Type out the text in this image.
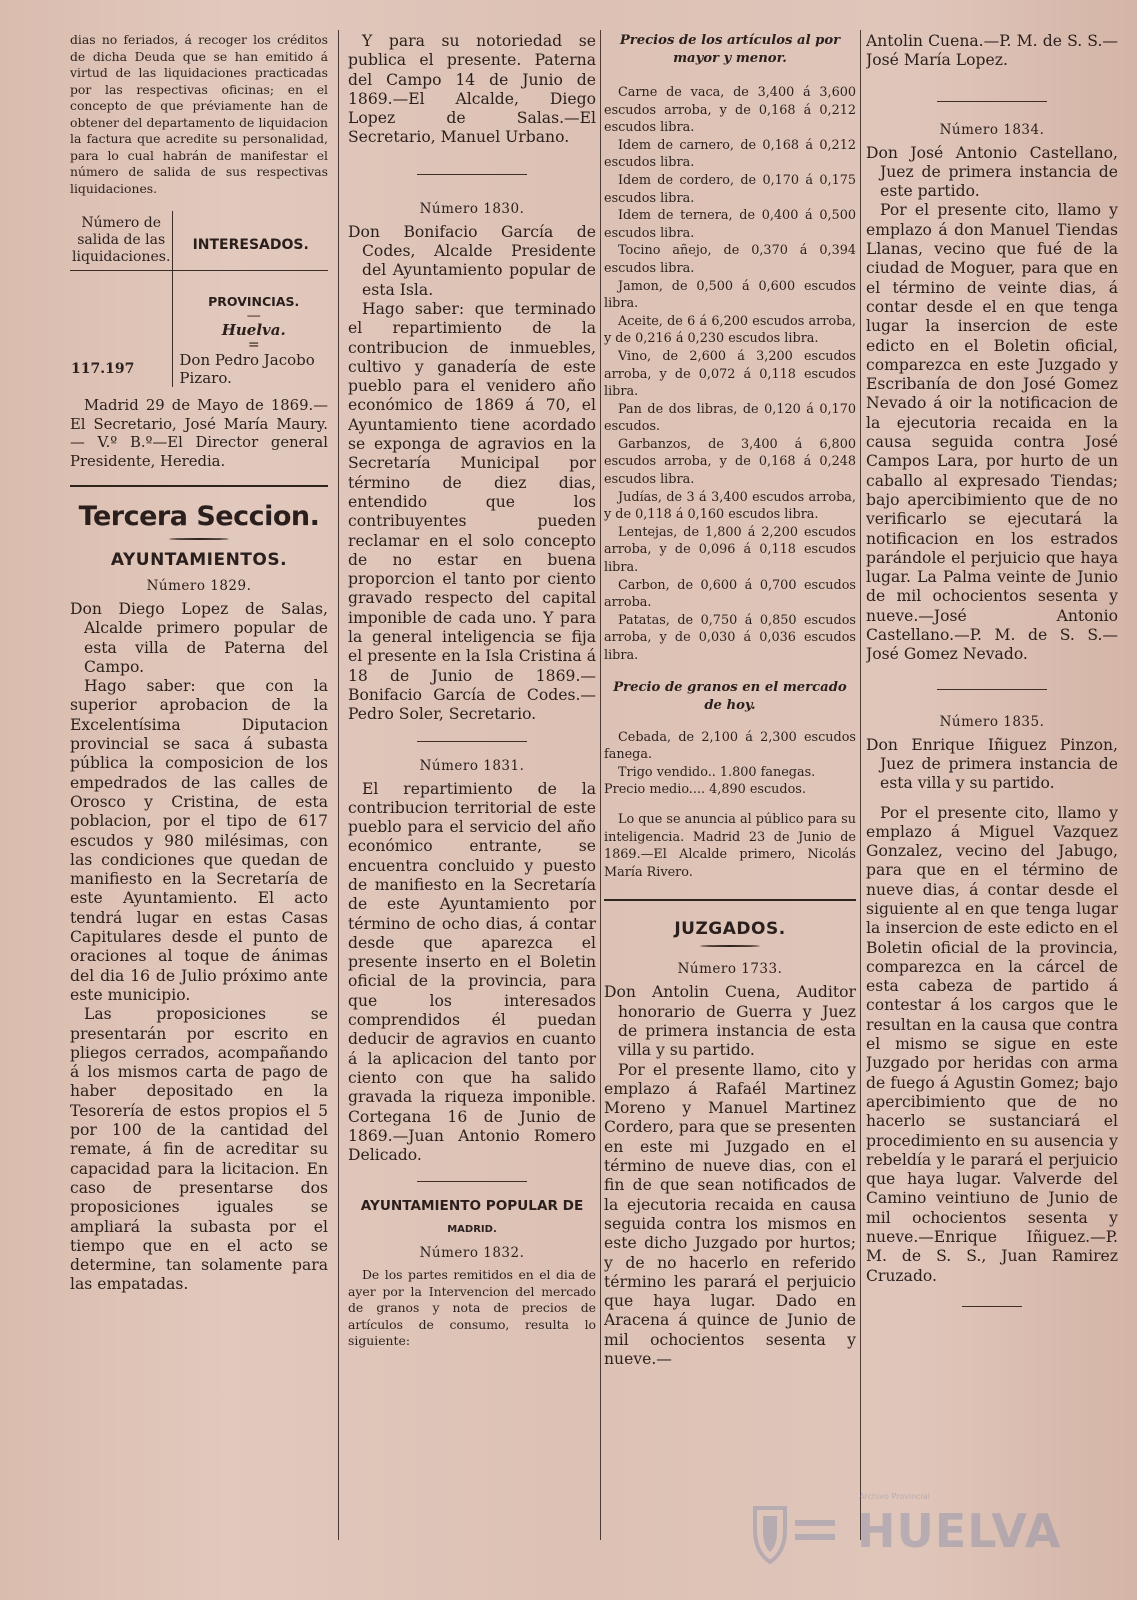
dias no feriados, á recoger los créditos de dicha Deuda que se han emitido á virtud de las liquidaciones practicadas por las respectivas oficinas; en el concepto de que préviamente han de obtener del departamento de liquidacion la factura que acredite su personalidad, para lo cual habrán de manifestar el número de salida de sus respectivas liquidaciones.

Número de salida de las liquidaciones.	INTERESADOS.
117.197	PROVINCIAS.
—
Huelva.
=
Don Pedro Jacobo Pizaro.

Madrid 29 de Mayo de 1869.— El Secretario, José María Maury.— V.º B.º—El Director general Presidente, Heredia.

Tercera Seccion.
AYUNTAMIENTOS.
Número 1829.

Don Diego Lopez de Salas, Alcalde primero popular de esta villa de Paterna del Campo.

Hago saber: que con la superior aprobacion de la Excelentísima Diputacion provincial se saca á subasta pública la composicion de los empedrados de las calles de Orosco y Cristina, de esta poblacion, por el tipo de 617 escudos y 980 milésimas, con las condiciones que quedan de manifiesto en la Secretaría de este Ayuntamiento. El acto tendrá lugar en estas Casas Capitulares desde el punto de oraciones al toque de ánimas del dia 16 de Julio próximo ante este municipio.

Las proposiciones se presentarán por escrito en pliegos cerrados, acompañando á los mismos carta de pago de haber depositado en la Tesorería de estos propios el 5 por 100 de la cantidad del remate, á fin de acreditar su capacidad para la licitacion. En caso de presentarse dos proposiciones iguales se ampliará la subasta por el tiempo que en el acto se determine, tan solamente para las empatadas.

Y para su notoriedad se publica el presente. Paterna del Campo 14 de Junio de 1869.—El Alcalde, Diego Lopez de Salas.—El Secretario, Manuel Urbano.

Número 1830.

Don Bonifacio García de Codes, Alcalde Presidente del Ayuntamiento popular de esta Isla.

Hago saber: que terminado el repartimiento de la contribucion de inmuebles, cultivo y ganadería de este pueblo para el venidero año económico de 1869 á 70, el Ayuntamiento tiene acordado se exponga de agravios en la Secretaría Municipal por término de diez dias, entendido que los contribuyentes pueden reclamar en el solo concepto de no estar en buena proporcion el tanto por ciento gravado respecto del capital imponible de cada uno. Y para la general inteligencia se fija el presente en la Isla Cristina á 18 de Junio de 1869.—Bonifacio García de Codes.—Pedro Soler, Secretario.

Número 1831.

El repartimiento de la contribucion territorial de este pueblo para el servicio del año económico entrante, se encuentra concluido y puesto de manifiesto en la Secretaría de este Ayuntamiento por término de ocho dias, á contar desde que aparezca el presente inserto en el Boletin oficial de la provincia, para que los interesados comprendidos él puedan deducir de agravios en cuanto á la aplicacion del tanto por ciento con que ha salido gravada la riqueza imponible. Cortegana 16 de Junio de 1869.—Juan Antonio Romero Delicado.

AYUNTAMIENTO POPULAR DE
MADRID.
Número 1832.

De los partes remitidos en el dia de ayer por la Intervencion del mercado de granos y nota de precios de artículos de consumo, resulta lo siguiente:

Precios de los artículos al por mayor y menor.

Carne de vaca, de 3,400 á 3,600 escudos arroba, y de 0,168 á 0,212 escudos libra.

Idem de carnero, de 0,168 á 0,212 escudos libra.

Idem de cordero, de 0,170 á 0,175 escudos libra.

Idem de ternera, de 0,400 á 0,500 escudos libra.

Tocino añejo, de 0,370 á 0,394 escudos libra.

Jamon, de 0,500 á 0,600 escudos libra.

Aceite, de 6 á 6,200 escudos arroba, y de 0,216 á 0,230 escudos libra.

Vino, de 2,600 á 3,200 escudos arroba, y de 0,072 á 0,118 escudos libra.

Pan de dos libras, de 0,120 á 0,170 escudos.

Garbanzos, de 3,400 á 6,800 escudos arroba, y de 0,168 á 0,248 escudos libra.

Judías, de 3 á 3,400 escudos arroba, y de 0,118 á 0,160 escudos libra.

Lentejas, de 1,800 á 2,200 escudos arroba, y de 0,096 á 0,118 escudos libra.

Carbon, de 0,600 á 0,700 escudos arroba.

Patatas, de 0,750 á 0,850 escudos arroba, y de 0,030 á 0,036 escudos libra.

Precio de granos en el mercado de hoy.

Cebada, de 2,100 á 2,300 escudos fanega.

Trigo vendido.. 1.800 fanegas.

Precio medio.... 4,890 escudos.

Lo que se anuncia al público para su inteligencia. Madrid 23 de Junio de 1869.—El Alcalde primero, Nicolás María Rivero.

JUZGADOS.
Número 1733.

Don Antolin Cuena, Auditor honorario de Guerra y Juez de primera instancia de esta villa y su partido.

Por el presente llamo, cito y emplazo á Rafaél Martinez Moreno y Manuel Martinez Cordero, para que se presenten en este mi Juzgado en el término de nueve dias, con el fin de que sean notificados de la ejecutoria recaida en causa seguida contra los mismos en este dicho Juzgado por hurtos; y de no hacerlo en referido término les parará el perjuicio que haya lugar. Dado en Aracena á quince de Junio de mil ochocientos sesenta y nueve.—

Antolin Cuena.—P. M. de S. S.—José María Lopez.

Número 1834.

Don José Antonio Castellano, Juez de primera instancia de este partido.

Por el presente cito, llamo y emplazo á don Manuel Tiendas Llanas, vecino que fué de la ciudad de Moguer, para que en el término de veinte dias, á contar desde el en que tenga lugar la insercion de este edicto en el Boletin oficial, comparezca en este Juzgado y Escribanía de don José Gomez Nevado á oir la notificacion de la ejecutoria recaida en la causa seguida contra José Campos Lara, por hurto de un caballo al expresado Tiendas; bajo apercibimiento que de no verificarlo se ejecutará la notificacion en los estrados parándole el perjuicio que haya lugar. La Palma veinte de Junio de mil ochocientos sesenta y nueve.—José Antonio Castellano.—P. M. de S. S.—José Gomez Nevado.

Número 1835.

Don Enrique Iñiguez Pinzon, Juez de primera instancia de esta villa y su partido.

Por el presente cito, llamo y emplazo á Miguel Vazquez Gonzalez, vecino del Jabugo, para que en el término de nueve dias, á contar desde el siguiente al en que tenga lugar la insercion de este edicto en el Boletin oficial de la provincia, comparezca en la cárcel de esta cabeza de partido á contestar á los cargos que le resultan en la causa que contra el mismo se sigue en este Juzgado por heridas con arma de fuego á Agustin Gomez; bajo apercibimiento que de no hacerlo se sustanciará el procedimiento en su ausencia y rebeldía y le parará el perjuicio que haya lugar. Valverde del Camino veintiuno de Junio de mil ochocientos sesenta y nueve.—Enrique Iñiguez.—P. M. de S. S., Juan Ramirez Cruzado.

Archivo Provincial
HUELVA
